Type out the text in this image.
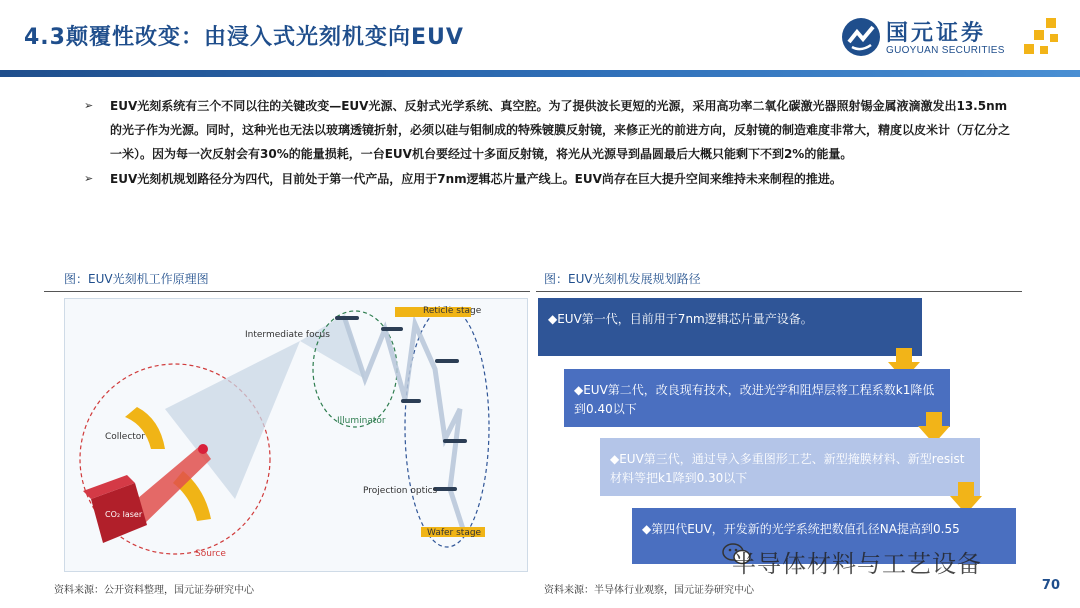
4.3颠覆性改变：由浸入式光刻机变向EUV	国元证券
GUOYUAN SECURITIES
➢ EUV光刻系统有三个不同以往的关键改变—EUV光源、反射式光学系统、真空腔。为了提供波长更短的光源，采用高功率二氧化碳激光器照射锡金属液滴激发出13.5nm的光子作为光源。同时，这种光也无法以玻璃透镜折射，必须以硅与钼制成的特殊镀膜反射镜，来修正光的前进方向，反射镜的制造难度非常大，精度以皮米计（万亿分之一米）。因为每一次反射会有30%的能量损耗，一台EUV机台要经过十多面反射镜，将光从光源导到晶圆最后大概只能剩下不到2%的能量。
➢ EUV光刻机规划路径分为四代，目前处于第一代产品，应用于7nm逻辑芯片量产线上。EUV尚存在巨大提升空间来维持未来制程的推进。
图：EUV光刻机工作原理图	图：EUV光刻机发展规划路径
Intermediate focus
Reticle stage
Collector
Illuminator
Projection optics
Wafer stage
CO₂ laser
Source
◆EUV第一代，目前用于7nm逻辑芯片量产设备。
◆EUV第二代，改良现有技术，改进光学和阻焊层将工程系数k1降低到0.40以下
◆EUV第三代，通过导入多重图形工艺、新型掩膜材料、新型resist材料等把k1降到0.30以下
◆第四代EUV，开发新的光学系统把数值孔径NA提高到0.55
资料来源：公开资料整理，国元证券研究中心	资料来源：半导体行业观察，国元证券研究中心	70
半导体材料与工艺设备
